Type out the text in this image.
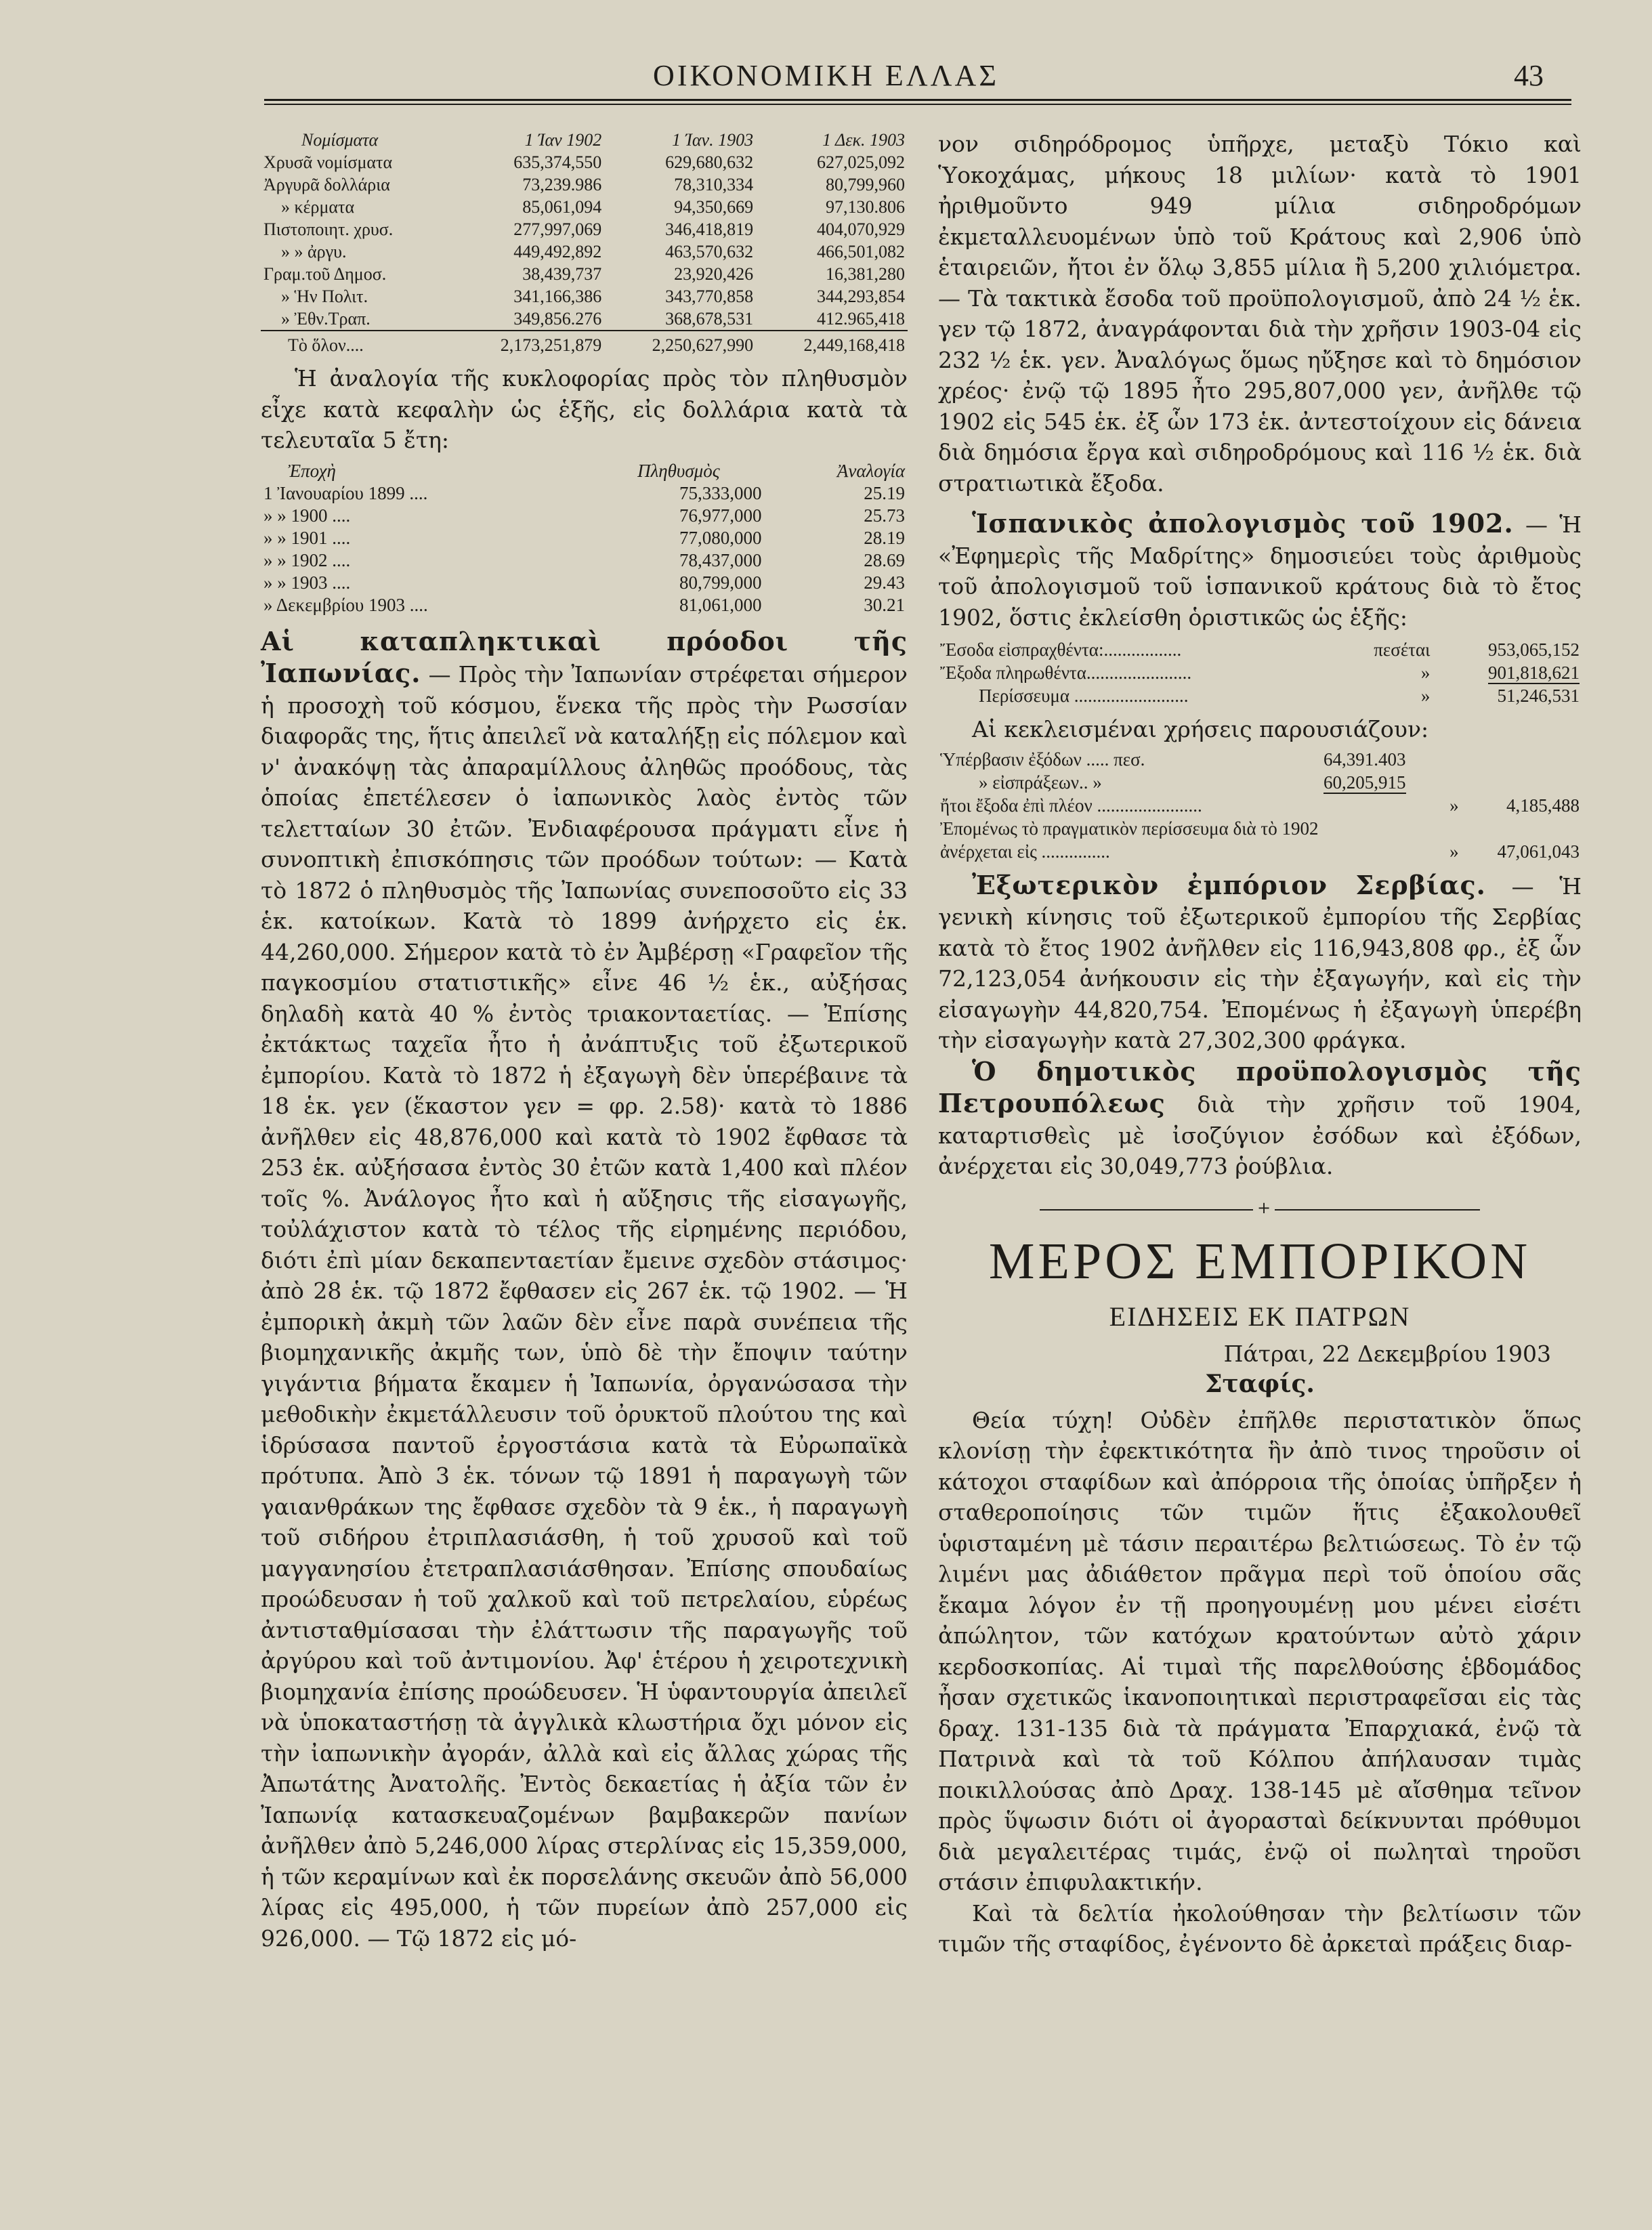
ΟΙΚΟΝΟΜΙΚΗ ΕΛΛΑΣ	43
Νομίσματα	1 Ίαν 1902	1 Ίαν. 1903	1 Δεκ. 1903
Χρυσᾶ νομίσματα	635,374,550	629,680,632	627,025,092
Ἀργυρᾶ δολλάρια	73,239.986	78,310,334	80,799,960
» κέρματα	85,061,094	94,350,669	97,130.806
Πιστοποιητ. χρυσ.	277,997,069	346,418,819	404,070,929
» » ἀργυ.	449,492,892	463,570,632	466,501,082
Γραμ.τοῦ Δημοσ.	38,439,737	23,920,426	16,381,280
» Ἡν Πολιτ.	341,166,386	343,770,858	344,293,854
» Ἐθν.Τραπ.	349,856.276	368,678,531	412.965,418
Τὸ ὅλον....	2,173,251,879	2,250,627,990	2,449,168,418

Ἡ ἀναλογία τῆς κυκλοφορίας πρὸς τὸν πληθυσμὸν εἶχε κατὰ κεφαλὴν ὡς ἑξῆς, εἰς δολλάρια κατὰ τὰ τελευταῖα 5 ἔτη:

Ἐποχὴ	Πληθυσμὸς	Ἀναλογία
1 Ἰανουαρίου 1899 ....	75,333,000	25.19
» » 1900 ....	76,977,000	25.73
» » 1901 ....	77,080,000	28.19
» » 1902 ....	78,437,000	28.69
» » 1903 ....	80,799,000	29.43
» Δεκεμβρίου 1903 ....	81,061,000	30.21

Αἱ καταπληκτικαὶ πρόοδοι τῆς Ἰαπωνίας. — Πρὸς τὴν Ἰαπωνίαν στρέφεται σήμερον ἡ προσοχὴ τοῦ κόσμου, ἕνεκα τῆς πρὸς τὴν Ρωσσίαν διαφορᾶς της, ἥτις ἀπειλεῖ νὰ καταλήξῃ εἰς πόλεμον καὶ ν' ἀνακόψῃ τὰς ἀπαραμίλλους ἀληθῶς προόδους, τὰς ὁποίας ἐπετέλεσεν ὁ ἰαπωνικὸς λαὸς ἐντὸς τῶν τελετταίων 30 ἐτῶν. Ἐνδιαφέρουσα πράγματι εἶνε ἡ συνοπτικὴ ἐπισκόπησις τῶν προόδων τούτων: — Κατὰ τὸ 1872 ὁ πληθυσμὸς τῆς Ἰαπωνίας συνεποσοῦτο εἰς 33 ἑκ. κατοίκων. Κατὰ τὸ 1899 ἀνήρχετο εἰς ἑκ. 44,260,000. Σήμερον κατὰ τὸ ἐν Ἀμβέρσῃ «Γραφεῖον τῆς παγκοσμίου στατιστικῆς» εἶνε 46 ½ ἑκ., αὐξήσας δηλαδὴ κατὰ 40 % ἐντὸς τριακονταετίας. — Ἐπίσης ἐκτάκτως ταχεῖα ἦτο ἡ ἀνάπτυξις τοῦ ἐξωτερικοῦ ἐμπορίου. Κατὰ τὸ 1872 ἡ ἐξαγωγὴ δὲν ὑπερέβαινε τὰ 18 ἑκ. γεν (ἕκαστον γεν = φρ. 2.58)· κατὰ τὸ 1886 ἀνῆλθεν εἰς 48,876,000 καὶ κατὰ τὸ 1902 ἔφθασε τὰ 253 ἑκ. αὐξήσασα ἐντὸς 30 ἐτῶν κατὰ 1,400 καὶ πλέον τοῖς %. Ἀνάλογος ἦτο καὶ ἡ αὔξησις τῆς εἰσαγωγῆς, τοὐλάχιστον κατὰ τὸ τέλος τῆς εἰρημένης περιόδου, διότι ἐπὶ μίαν δεκαπενταετίαν ἔμεινε σχεδὸν στάσιμος· ἀπὸ 28 ἑκ. τῷ 1872 ἔφθασεν εἰς 267 ἑκ. τῷ 1902. — Ἡ ἐμπορικὴ ἀκμὴ τῶν λαῶν δὲν εἶνε παρὰ συνέπεια τῆς βιομηχανικῆς ἀκμῆς των, ὑπὸ δὲ τὴν ἔποψιν ταύτην γιγάντια βήματα ἔκαμεν ἡ Ἰαπωνία, ὀργανώσασα τὴν μεθοδικὴν ἐκμετάλλευσιν τοῦ ὀρυκτοῦ πλούτου της καὶ ἱδρύσασα παντοῦ ἐργοστάσια κατὰ τὰ Εὐρωπαϊκὰ πρότυπα. Ἀπὸ 3 ἑκ. τόνων τῷ 1891 ἡ παραγωγὴ τῶν γαιανθράκων της ἔφθασε σχεδὸν τὰ 9 ἑκ., ἡ παραγωγὴ τοῦ σιδήρου ἐτριπλασιάσθη, ἡ τοῦ χρυσοῦ καὶ τοῦ μαγγανησίου ἐτετραπλασιάσθησαν. Ἐπίσης σπουδαίως προώδευσαν ἡ τοῦ χαλκοῦ καὶ τοῦ πετρελαίου, εὑρέως ἀντισταθμίσασαι τὴν ἐλάττωσιν τῆς παραγωγῆς τοῦ ἀργύρου καὶ τοῦ ἀντιμονίου. Ἀφ' ἑτέρου ἡ χειροτεχνικὴ βιομηχανία ἐπίσης προώδευσεν. Ἡ ὑφαντουργία ἀπειλεῖ νὰ ὑποκαταστήσῃ τὰ ἀγγλικὰ κλωστήρια ὄχι μόνον εἰς τὴν ἰαπωνικὴν ἀγοράν, ἀλλὰ καὶ εἰς ἄλλας χώρας τῆς Ἀπωτάτης Ἀνατολῆς. Ἐντὸς δεκαετίας ἡ ἀξία τῶν ἐν Ἰαπωνίᾳ κατασκευαζομένων βαμβακερῶν πανίων ἀνῆλθεν ἀπὸ 5,246,000 λίρας στερλίνας εἰς 15,359,000, ἡ τῶν κεραμίνων καὶ ἐκ πορσελάνης σκευῶν ἀπὸ 56,000 λίρας εἰς 495,000, ἡ τῶν πυρείων ἀπὸ 257,000 εἰς 926,000. — Τῷ 1872 εἰς μό-

νον σιδηρόδρομος ὑπῆρχε, μεταξὺ Τόκιο καὶ Ὑοκοχάμας, μήκους 18 μιλίων· κατὰ τὸ 1901 ἠριθμοῦντο 949 μίλια σιδηροδρόμων ἐκμεταλλευομένων ὑπὸ τοῦ Κράτους καὶ 2,906 ὑπὸ ἑταιρειῶν, ἤτοι ἐν ὅλῳ 3,855 μίλια ἢ 5,200 χιλιόμετρα. — Τὰ τακτικὰ ἔσοδα τοῦ προϋπολογισμοῦ, ἀπὸ 24 ½ ἑκ. γεν τῷ 1872, ἀναγράφονται διὰ τὴν χρῆσιν 1903-04 εἰς 232 ½ ἑκ. γεν. Ἀναλόγως ὅμως ηὔξησε καὶ τὸ δημόσιον χρέος· ἐνῷ τῷ 1895 ἦτο 295,807,000 γεν, ἀνῆλθε τῷ 1902 εἰς 545 ἑκ. ἐξ ὧν 173 ἑκ. ἀντεστοίχουν εἰς δάνεια διὰ δημόσια ἔργα καὶ σιδηροδρόμους καὶ 116 ½ ἑκ. διὰ στρατιωτικὰ ἔξοδα.

Ἱσπανικὸς ἀπολογισμὸς τοῦ 1902. — Ἡ «Ἐφημερὶς τῆς Μαδρίτης» δημοσιεύει τοὺς ἀριθμοὺς τοῦ ἀπολογισμοῦ τοῦ ἱσπανικοῦ κράτους διὰ τὸ ἔτος 1902, ὅστις ἐκλείσθη ὁριστικῶς ὡς ἑξῆς:

Ἔσοδα εἰσπραχθέντα:.................	πεσέται	953,065,152
Ἔξοδα πληρωθέντα.......................	»	901,818,621
Περίσσευμα .........................	»	51,246,531

Αἱ κεκλεισμέναι χρήσεις παρουσιάζουν:

Ὑπέρβασιν ἐξόδων ..... πεσ.	64,391.403		
» εἰσπράξεων.. »	60,205,915		
ἤτοι ἔξοδα ἐπὶ πλέον .......................		»	4,185,488
Ἐπομένως τὸ πραγματικὸν περίσσευμα διὰ τὸ 1902 ἀνέρχεται εἰς ...............		»	47,061,043

Ἐξωτερικὸν ἐμπόριον Σερβίας. — Ἡ γενικὴ κίνησις τοῦ ἐξωτερικοῦ ἐμπορίου τῆς Σερβίας κατὰ τὸ ἔτος 1902 ἀνῆλθεν εἰς 116,943,808 φρ., ἐξ ὧν 72,123,054 ἀνήκουσιν εἰς τὴν ἐξαγωγήν, καὶ εἰς τὴν εἰσαγωγὴν 44,820,754. Ἐπομένως ἡ ἐξαγωγὴ ὑπερέβη τὴν εἰσαγωγὴν κατὰ 27,302,300 φράγκα.

Ὁ δημοτικὸς προϋπολογισμὸς τῆς Πετρουπόλεως διὰ τὴν χρῆσιν τοῦ 1904, καταρτισθεὶς μὲ ἰσοζύγιον ἐσόδων καὶ ἐξόδων, ἀνέρχεται εἰς 30,049,773 ῥούβλια.

+
ΜΕΡΟΣ ΕΜΠΟΡΙΚΟΝ
ΕΙΔΗΣΕΙΣ ΕΚ ΠΑΤΡΩΝ
Πάτραι, 22 Δεκεμβρίου 1903
Σταφίς.

Θεία τύχη! Οὐδὲν ἐπῆλθε περιστατικὸν ὅπως κλονίσῃ τὴν ἐφεκτικότητα ἣν ἀπὸ τινος τηροῦσιν οἱ κάτοχοι σταφίδων καὶ ἀπόρροια τῆς ὁποίας ὑπῆρξεν ἡ σταθεροποίησις τῶν τιμῶν ἥτις ἐξακολουθεῖ ὑφισταμένη μὲ τάσιν περαιτέρω βελτιώσεως. Τὸ ἐν τῷ λιμένι μας ἀδιάθετον πρᾶγμα περὶ τοῦ ὁποίου σᾶς ἔκαμα λόγον ἐν τῇ προηγουμένῃ μου μένει εἰσέτι ἀπώλητον, τῶν κατόχων κρατούντων αὐτὸ χάριν κερδοσκοπίας. Αἱ τιμαὶ τῆς παρελθούσης ἑβδομάδος ἦσαν σχετικῶς ἱκανοποιητικαὶ περιστραφεῖσαι εἰς τὰς δραχ. 131-135 διὰ τὰ πράγματα Ἐπαρχιακά, ἐνῷ τὰ Πατρινὰ καὶ τὰ τοῦ Κόλπου ἀπήλαυσαν τιμὰς ποικιλλούσας ἀπὸ Δραχ. 138-145 μὲ αἴσθημα τεῖνον πρὸς ὕψωσιν διότι οἱ ἀγορασταὶ δείκνυνται πρόθυμοι διὰ μεγαλειτέρας τιμάς, ἐνῷ οἱ πωληταὶ τηροῦσι στάσιν ἐπιφυλακτικήν.

Καὶ τὰ δελτία ἠκολούθησαν τὴν βελτίωσιν τῶν τιμῶν τῆς σταφίδος, ἐγένοντο δὲ ἀρκεταὶ πράξεις διαρ-
